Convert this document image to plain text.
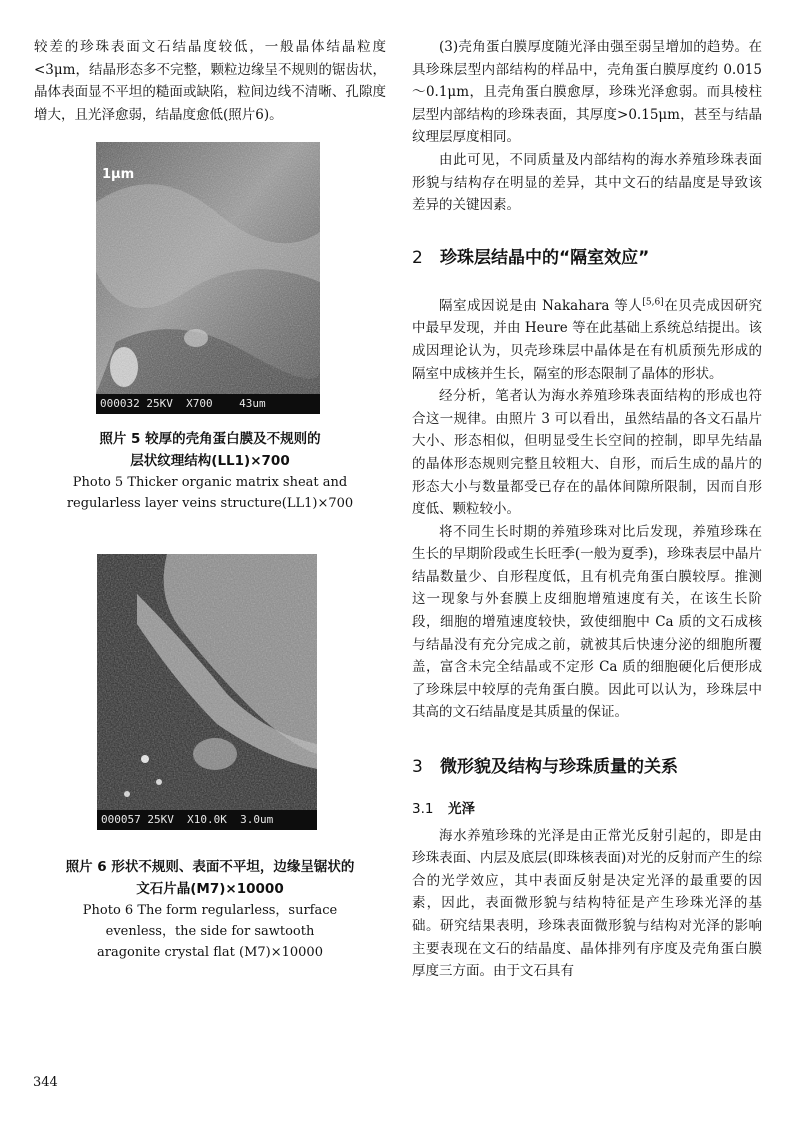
较差的珍珠表面文石结晶度较低，一般晶体结晶粒度<3μm，结晶形态多不完整，颗粒边缘呈不规则的锯齿状，晶体表面显不平坦的糙面或缺陷，粒间边线不清晰、孔隙度增大，且光泽愈弱，结晶度愈低(照片6)。

1μm
000032 25KV  X700    43um
照片 5 较厚的壳角蛋白膜及不规则的
层状纹理结构(LL1)×700
Photo 5 Thicker organic matrix sheat and
regularless layer veins structure(LL1)×700
000057 25KV  X10.0K  3.0um
照片 6 形状不规则、表面不平坦，边缘呈锯状的
文石片晶(M7)×10000
Photo 6 The form regularless，surface
evenless，the side for sawtooth
aragonite crystal flat (M7)×10000

(3)壳角蛋白膜厚度随光泽由强至弱呈增加的趋势。在具珍珠层型内部结构的样品中，壳角蛋白膜厚度约 0.015～0.1μm，且壳角蛋白膜愈厚，珍珠光泽愈弱。而具棱柱层型内部结构的珍珠表面，其厚度>0.15μm，甚至与结晶纹理层厚度相同。

由此可见，不同质量及内部结构的海水养殖珍珠表面形貌与结构存在明显的差异，其中文石的结晶度是导致该差异的关键因素。

2 珍珠层结晶中的“隔室效应”

隔室成因说是由 Nakahara 等人[5,6]在贝壳成因研究中最早发现，并由 Heure 等在此基础上系统总结提出。该成因理论认为，贝壳珍珠层中晶体是在有机质预先形成的隔室中成核并生长，隔室的形态限制了晶体的形状。

经分析，笔者认为海水养殖珍珠表面结构的形成也符合这一规律。由照片 3 可以看出，虽然结晶的各文石晶片大小、形态相似，但明显受生长空间的控制，即早先结晶的晶体形态规则完整且较粗大、自形，而后生成的晶片的形态大小与数量都受已存在的晶体间隙所限制，因而自形度低、颗粒较小。

将不同生长时期的养殖珍珠对比后发现，养殖珍珠在生长的早期阶段或生长旺季(一般为夏季)，珍珠表层中晶片结晶数量少、自形程度低，且有机壳角蛋白膜较厚。推测这一现象与外套膜上皮细胞增殖速度有关，在该生长阶段，细胞的增殖速度较快，致使细胞中 Ca 质的文石成核与结晶没有充分完成之前，就被其后快速分泌的细胞所覆盖，富含未完全结晶或不定形 Ca 质的细胞硬化后便形成了珍珠层中较厚的壳角蛋白膜。因此可以认为，珍珠层中其高的文石结晶度是其质量的保证。

3 微形貌及结构与珍珠质量的关系
3.1 光泽

海水养殖珍珠的光泽是由正常光反射引起的，即是由珍珠表面、内层及底层(即珠核表面)对光的反射而产生的综合的光学效应，其中表面反射是决定光泽的最重要的因素，因此，表面微形貌与结构特征是产生珍珠光泽的基础。研究结果表明，珍珠表面微形貌与结构对光泽的影响主要表现在文石的结晶度、晶体排列有序度及壳角蛋白膜厚度三方面。由于文石具有

344
